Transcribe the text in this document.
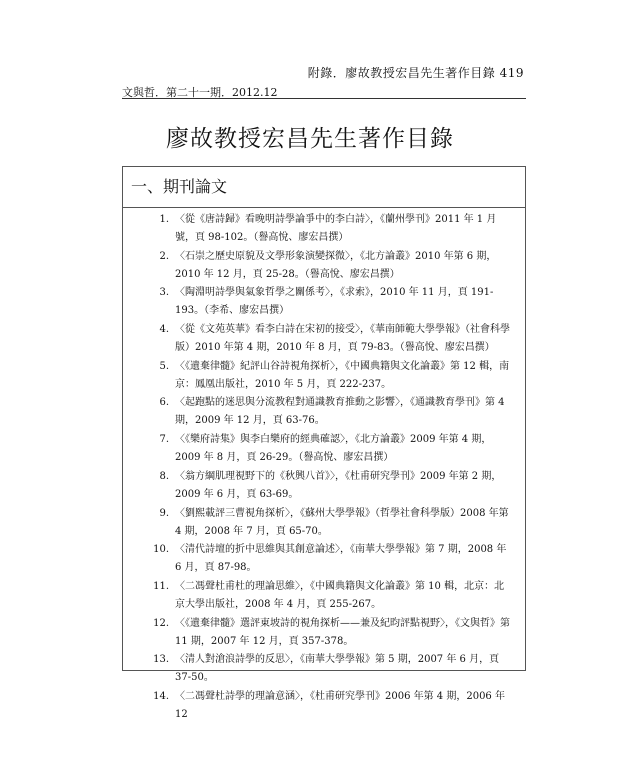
附錄．廖故教授宏昌先生著作目錄 419
文與哲．第二十一期．2012.12
廖故教授宏昌先生著作目錄
一、期刊論文
1. 〈從《唐詩歸》看晚明詩學論爭中的李白詩〉，《蘭州學刊》2011 年 1 月號，頁 98-102。（譽高悅、廖宏昌撰）
2. 〈石崇之歷史原貌及文學形象演變探微〉，《北方論叢》2010 年第 6 期，2010 年 12 月，頁 25-28。（譽高悅、廖宏昌撰）
3. 〈陶淵明詩學與氣象哲學之關係考〉，《求索》，2010 年 11 月，頁 191-193。（李希、廖宏昌撰）
4. 〈從《文苑英華》看李白詩在宋初的接受〉，《華南師範大學學報》（社會科學版）2010 年第 4 期，2010 年 8 月，頁 79-83。（譽高悅、廖宏昌撰）
5. 〈《遺棄律髓》紀評山谷詩視角探析〉，《中國典籍與文化論叢》第 12 輯，南京：鳳凰出版社，2010 年 5 月，頁 222-237。
6. 〈起跑點的迷思與分流教程對通識教育推動之影響〉，《通識教育學刊》第 4 期，2009 年 12 月，頁 63-76。
7. 〈《樂府詩集》與李白樂府的經典確認〉，《北方論叢》2009 年第 4 期，2009 年 8 月，頁 26-29。（譽高悅、廖宏昌撰）
8. 〈翁方綱肌理視野下的《秋興八首》〉，《杜甫研究學刊》2009 年第 2 期，2009 年 6 月，頁 63-69。
9. 〈劉熙載評三曹視角探析〉，《蘇州大學學報》（哲學社會科學版）2008 年第 4 期，2008 年 7 月，頁 65-70。
10. 〈清代詩壇的折中思維與其創意論述〉，《南華大學學報》第 7 期，2008 年 6 月，頁 87-98。
11. 〈二馮聲杜甫杜的理論思維〉，《中國典籍與文化論叢》第 10 輯，北京：北京大學出版社，2008 年 4 月，頁 255-267。
12. 〈《遺棄律髓》選評東坡詩的視角探析——兼及紀昀評點視野〉，《文與哲》第 11 期，2007 年 12 月，頁 357-378。
13. 〈清人對滄浪詩學的反思〉，《南華大學學報》第 5 期，2007 年 6 月，頁 37-50。
14. 〈二馮聲杜詩學的理論意涵〉，《杜甫研究學刊》2006 年第 4 期，2006 年 12
